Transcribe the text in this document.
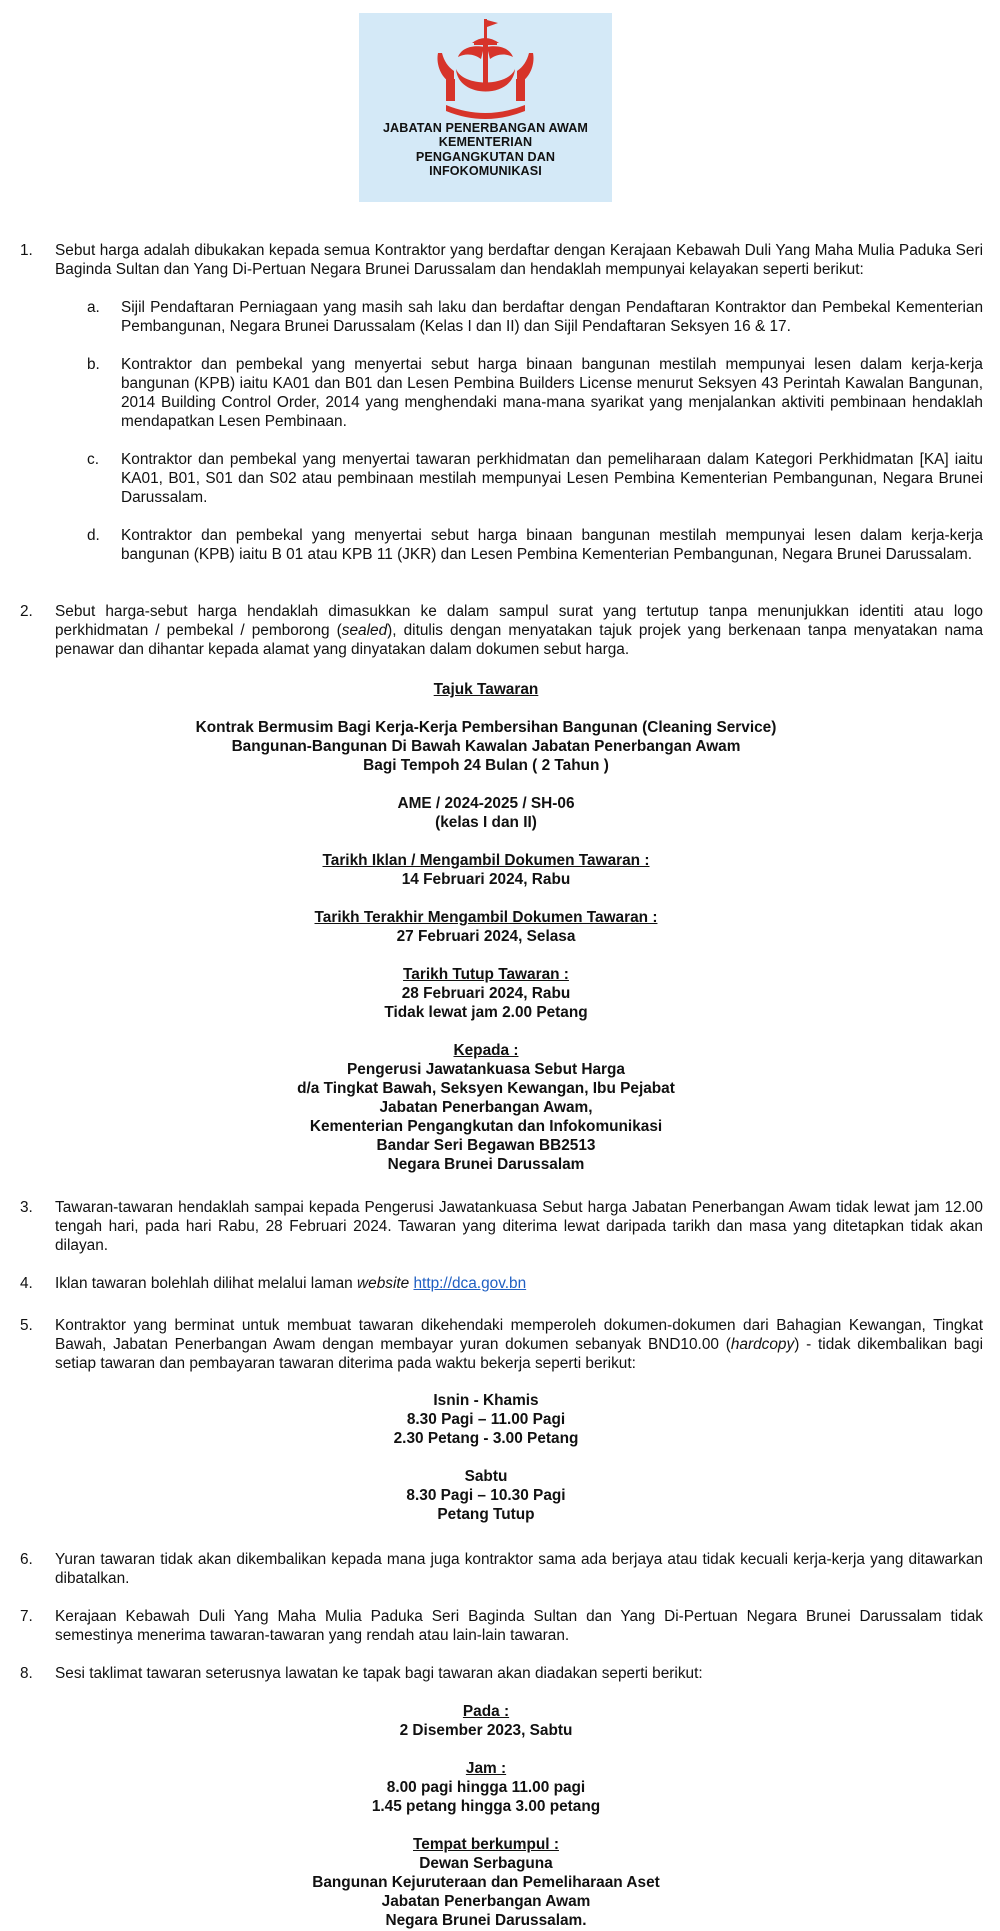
JABATAN PENERBANGAN AWAM
KEMENTERIAN
PENGANGKUTAN DAN
INFOKOMUNIKASI
1. Sebut harga adalah dibukakan kepada semua Kontraktor yang berdaftar dengan Kerajaan Kebawah Duli Yang Maha Mulia Paduka Seri Baginda Sultan dan Yang Di-Pertuan Negara Brunei Darussalam dan hendaklah mempunyai kelayakan seperti berikut:
a. Sijil Pendaftaran Perniagaan yang masih sah laku dan berdaftar dengan Pendaftaran Kontraktor dan Pembekal Kementerian Pembangunan, Negara Brunei Darussalam (Kelas I dan II) dan Sijil Pendaftaran Seksyen 16 & 17.
b. Kontraktor dan pembekal yang menyertai sebut harga binaan bangunan mestilah mempunyai lesen dalam kerja-kerja bangunan (KPB) iaitu KA01 dan B01 dan Lesen Pembina Builders License menurut Seksyen 43 Perintah Kawalan Bangunan, 2014 Building Control Order, 2014 yang menghendaki mana-mana syarikat yang menjalankan aktiviti pembinaan hendaklah mendapatkan Lesen Pembinaan.
c. Kontraktor dan pembekal yang menyertai tawaran perkhidmatan dan pemeliharaan dalam Kategori Perkhidmatan [KA] iaitu KA01, B01, S01 dan S02 atau pembinaan mestilah mempunyai Lesen Pembina Kementerian Pembangunan, Negara Brunei Darussalam.
d. Kontraktor dan pembekal yang menyertai sebut harga binaan bangunan mestilah mempunyai lesen dalam kerja-kerja bangunan (KPB) iaitu B 01 atau KPB 11 (JKR) dan Lesen Pembina Kementerian Pembangunan, Negara Brunei Darussalam.
2. Sebut harga-sebut harga hendaklah dimasukkan ke dalam sampul surat yang tertutup tanpa menunjukkan identiti atau logo perkhidmatan / pembekal / pemborong (sealed), ditulis dengan menyatakan tajuk projek yang berkenaan tanpa menyatakan nama penawar dan dihantar kepada alamat yang dinyatakan dalam dokumen sebut harga.
Tajuk Tawaran
Kontrak Bermusim Bagi Kerja-Kerja Pembersihan Bangunan (Cleaning Service)
Bangunan-Bangunan Di Bawah Kawalan Jabatan Penerbangan Awam
Bagi Tempoh 24 Bulan ( 2 Tahun )
AME / 2024-2025 / SH-06
(kelas I dan II)
Tarikh Iklan / Mengambil Dokumen Tawaran :
14 Februari 2024, Rabu
Tarikh Terakhir Mengambil Dokumen Tawaran :
27 Februari 2024, Selasa
Tarikh Tutup Tawaran :
28 Februari 2024, Rabu
Tidak lewat jam 2.00 Petang
Kepada :
Pengerusi Jawatankuasa Sebut Harga
d/a Tingkat Bawah, Seksyen Kewangan, Ibu Pejabat
Jabatan Penerbangan Awam,
Kementerian Pengangkutan dan Infokomunikasi
Bandar Seri Begawan BB2513
Negara Brunei Darussalam
3. Tawaran-tawaran hendaklah sampai kepada Pengerusi Jawatankuasa Sebut harga Jabatan Penerbangan Awam tidak lewat jam 12.00 tengah hari, pada hari Rabu, 28 Februari 2024. Tawaran yang diterima lewat daripada tarikh dan masa yang ditetapkan tidak akan dilayan.
4. Iklan tawaran bolehlah dilihat melalui laman website http://dca.gov.bn
5. Kontraktor yang berminat untuk membuat tawaran dikehendaki memperoleh dokumen-dokumen dari Bahagian Kewangan, Tingkat Bawah, Jabatan Penerbangan Awam dengan membayar yuran dokumen sebanyak BND10.00 (hardcopy) - tidak dikembalikan bagi setiap tawaran dan pembayaran tawaran diterima pada waktu bekerja seperti berikut:
Isnin - Khamis
8.30 Pagi – 11.00 Pagi
2.30 Petang - 3.00 Petang
Sabtu
8.30 Pagi – 10.30 Pagi
Petang Tutup
6. Yuran tawaran tidak akan dikembalikan kepada mana juga kontraktor sama ada berjaya atau tidak kecuali kerja-kerja yang ditawarkan dibatalkan.
7. Kerajaan Kebawah Duli Yang Maha Mulia Paduka Seri Baginda Sultan dan Yang Di-Pertuan Negara Brunei Darussalam tidak semestinya menerima tawaran-tawaran yang rendah atau lain-lain tawaran.
8. Sesi taklimat tawaran seterusnya lawatan ke tapak bagi tawaran akan diadakan seperti berikut:
Pada :
2 Disember 2023, Sabtu
Jam :
8.00 pagi hingga 11.00 pagi
1.45 petang hingga 3.00 petang
Tempat berkumpul :
Dewan Serbaguna
Bangunan Kejuruteraan dan Pemeliharaan Aset
Jabatan Penerbangan Awam
Negara Brunei Darussalam.
